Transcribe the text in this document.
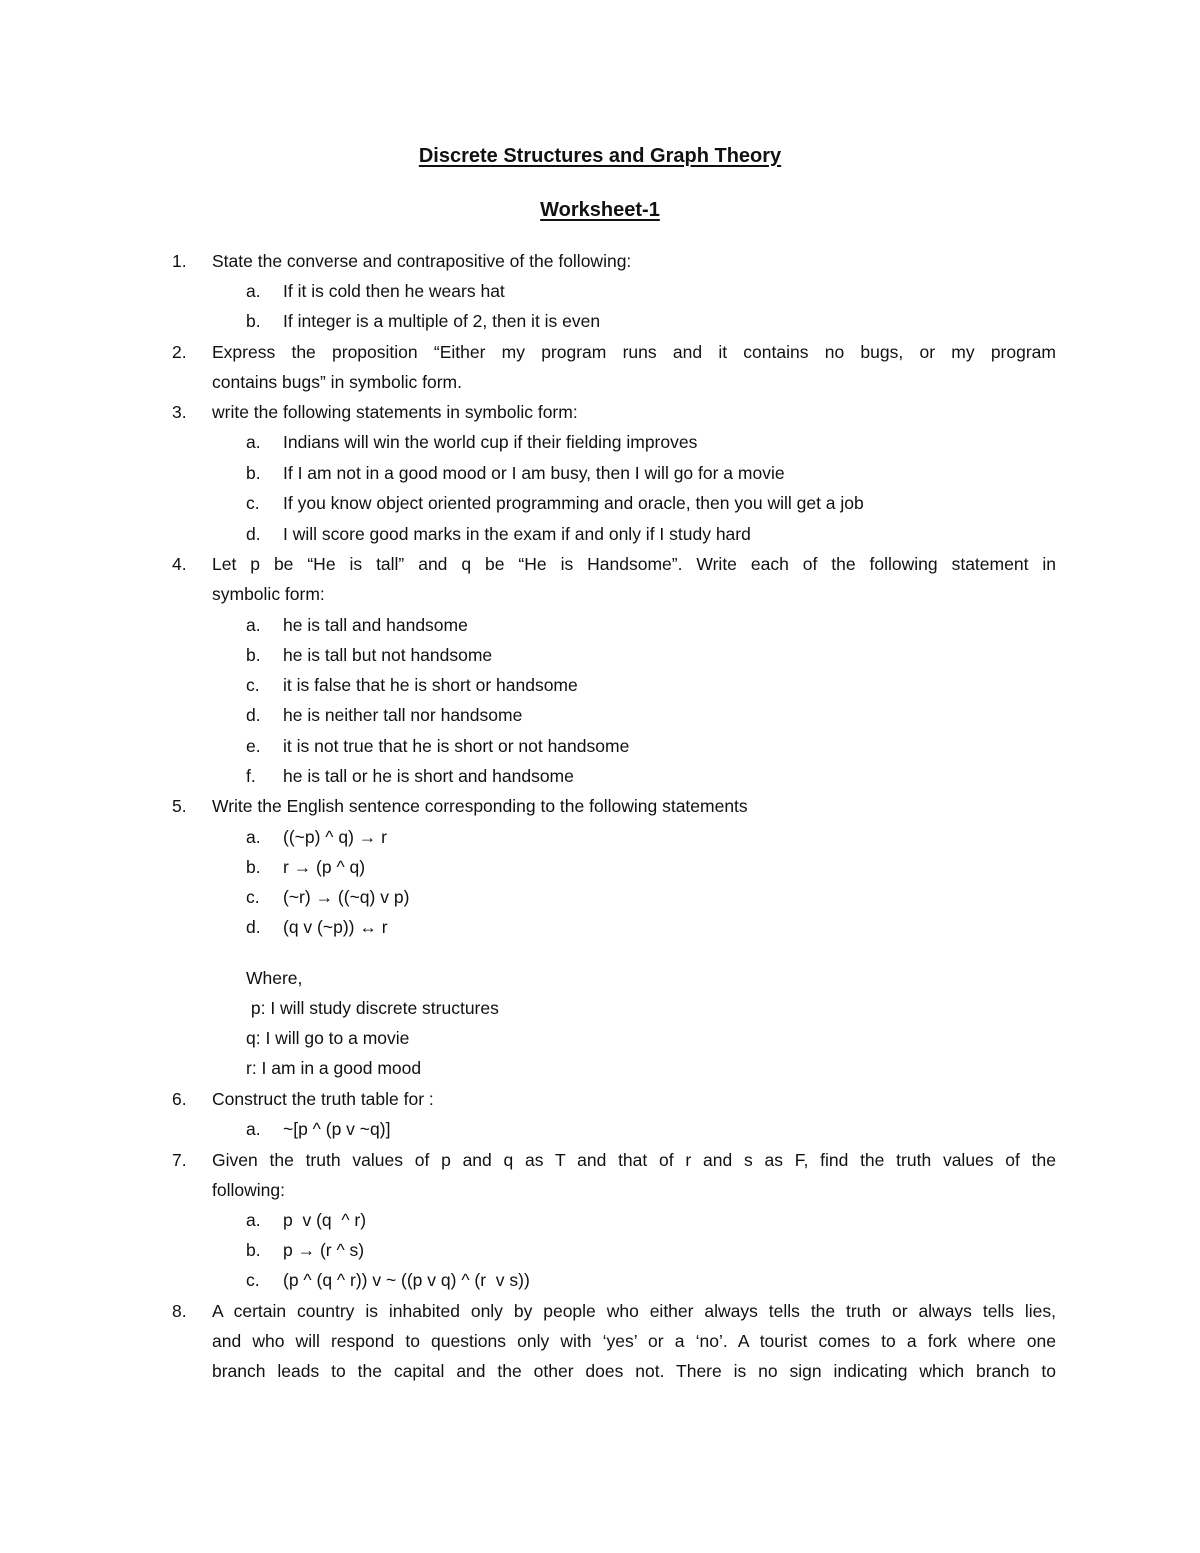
Discrete Structures and Graph Theory
Worksheet-1
1.	State the converse and contrapositive of the following:
a. If it is cold then he wears hat
b. If integer is a multiple of 2, then it is even
2.	Express the proposition “Either my program runs and it contains no bugs, or my program
contains bugs” in symbolic form.
3.	write the following statements in symbolic form:
a. Indians will win the world cup if their fielding improves
b. If I am not in a good mood or I am busy, then I will go for a movie
c. If you know object oriented programming and oracle, then you will get a job
d. I will score good marks in the exam if and only if I study hard
4.	Let p be “He is tall” and q be “He is Handsome”. Write each of the following statement in
symbolic form:
a. he is tall and handsome
b. he is tall but not handsome
c. it is false that he is short or handsome
d. he is neither tall nor handsome
e. it is not true that he is short or not handsome
f. he is tall or he is short and handsome
5.	Write the English sentence corresponding to the following statements
a. ((~p) ^ q) → r
b. r → (p ^ q)
c. (~r) → ((~q) v p)
d. (q v (~p)) ↔ r
Where,
p: I will study discrete structures
q: I will go to a movie
r: I am in a good mood
6.	Construct the truth table for :
a. ~[p ^ (p v ~q)]
7.	Given the truth values of p and q as T and that of r and s as F, find the truth values of the
following:
a. p  v (q  ^ r)
b. p → (r ^ s)
c. (p ^ (q ^ r)) v ~ ((p v q) ^ (r  v s))
8.	A certain country is inhabited only by people who either always tells the truth or always tells lies,
and who will respond to questions only with ‘yes’ or a ‘no’. A tourist comes to a fork where one
branch leads to the capital and the other does not. There is no sign indicating which branch to
